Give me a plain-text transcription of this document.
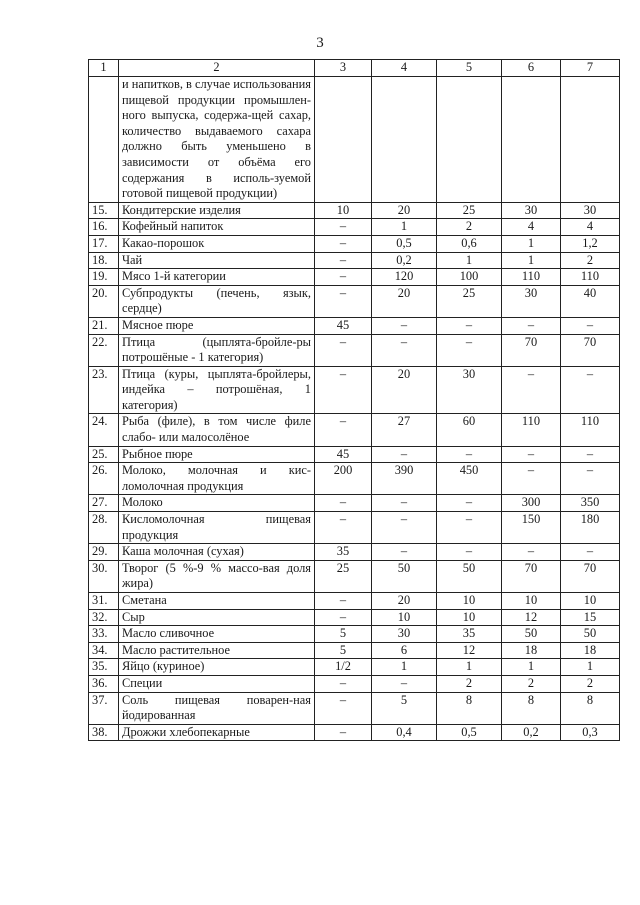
3
1	2	3	4	5	6	7
	и напитков, в случае использования пищевой продукции промышлен-ного выпуска, содержа-щей сахар, количество выдаваемого сахара должно быть уменьшено в зависимости от объёма его содержания в исполь-зуемой готовой пищевой продукции)					
15.	Кондитерские изделия	10	20	25	30	30
16.	Кофейный напиток	–	1	2	4	4
17.	Какао-порошок	–	0,5	0,6	1	1,2
18.	Чай	–	0,2	1	1	2
19.	Мясо 1-й категории	–	120	100	110	110
20.	Субпродукты (печень, язык, сердце)	–	20	25	30	40
21.	Мясное пюре	45	–	–	–	–
22.	Птица (цыплята-бройле-ры потрошёные - 1 категория)	–	–	–	70	70
23.	Птица (куры, цыплята-бройлеры, индейка – потрошёная, 1 категория)	–	20	30	–	–
24.	Рыба (филе), в том числе филе слабо- или малосолёное	–	27	60	110	110
25.	Рыбное пюре	45	–	–	–	–
26.	Молоко, молочная и кис-ломолочная продукция	200	390	450	–	–
27.	Молоко	–	–	–	300	350
28.	Кисломолочная пищевая продукция	–	–	–	150	180
29.	Каша молочная (сухая)	35	–	–	–	–
30.	Творог (5 %-9 % массо-вая доля жира)	25	50	50	70	70
31.	Сметана	–	20	10	10	10
32.	Сыр	–	10	10	12	15
33.	Масло сливочное	5	30	35	50	50
34.	Масло растительное	5	6	12	18	18
35.	Яйцо (куриное)	1/2	1	1	1	1
36.	Специи	–	–	2	2	2
37.	Соль пищевая поварен-ная йодированная	–	5	8	8	8
38.	Дрожжи хлебопекарные	–	0,4	0,5	0,2	0,3
